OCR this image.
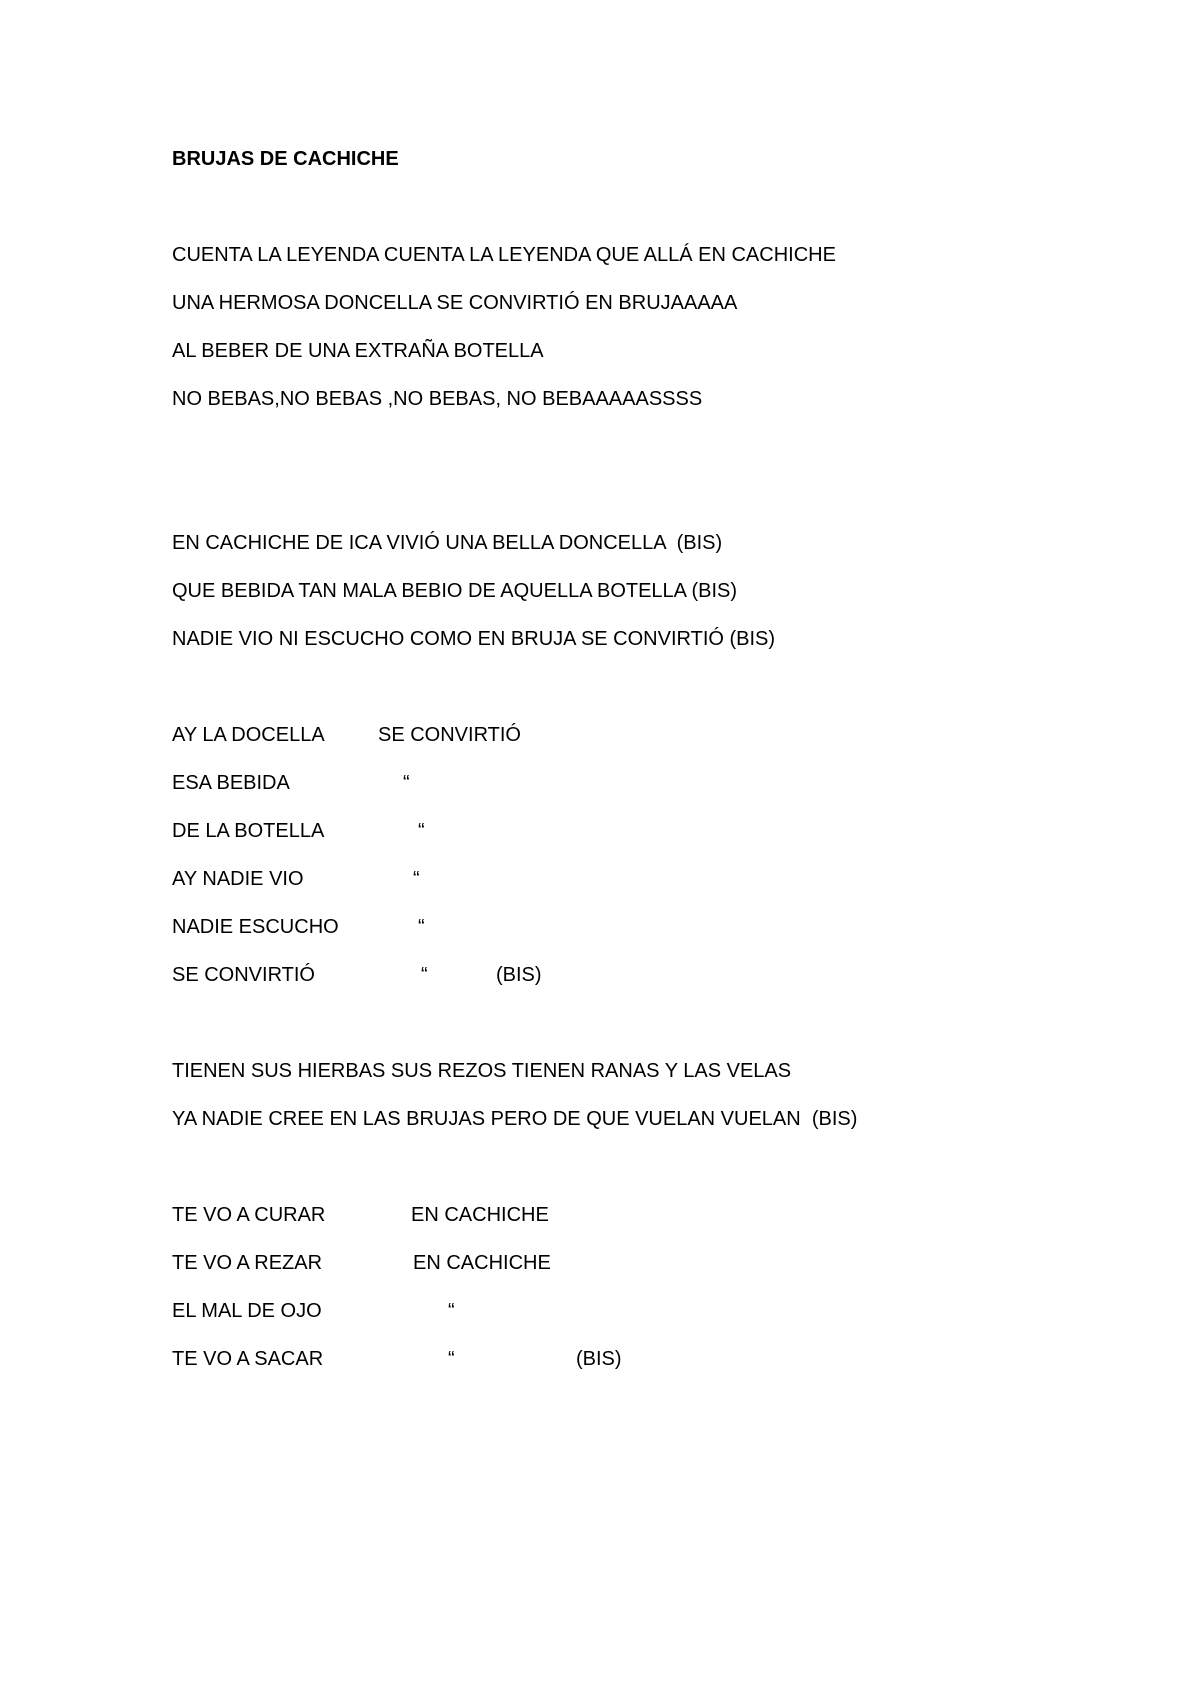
BRUJAS DE CACHICHE
CUENTA LA LEYENDA CUENTA LA LEYENDA QUE ALLÁ EN CACHICHE
UNA HERMOSA DONCELLA SE CONVIRTIÓ EN BRUJAAAAA
AL BEBER DE UNA EXTRAÑA BOTELLA
NO BEBAS,NO BEBAS ,NO BEBAS, NO BEBAAAAASSSS
EN CACHICHE DE ICA VIVIÓ UNA BELLA DONCELLA  (BIS)
QUE BEBIDA TAN MALA BEBIO DE AQUELLA BOTELLA (BIS)
NADIE VIO NI ESCUCHO COMO EN BRUJA SE CONVIRTIÓ (BIS)
AY LA DOCELLA	SE CONVIRTIÓ
ESA BEBIDA	“
DE LA BOTELLA	“
AY NADIE VIO	“
NADIE ESCUCHO	“
SE CONVIRTIÓ	“	(BIS)
TIENEN SUS HIERBAS SUS REZOS TIENEN RANAS Y LAS VELAS
YA NADIE CREE EN LAS BRUJAS PERO DE QUE VUELAN VUELAN  (BIS)
TE VO A CURAR	EN CACHICHE
TE VO A REZAR	EN CACHICHE
EL MAL DE OJO	“
TE VO A SACAR	“	(BIS)
